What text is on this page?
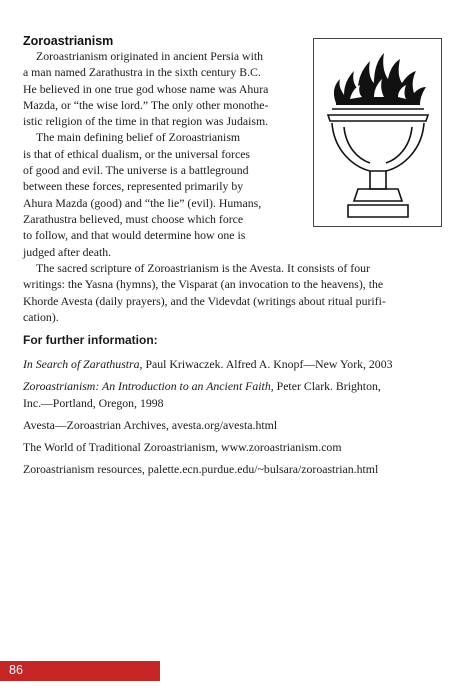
Zoroastrianism
Zoroastrianism originated in ancient Persia with
a man named Zarathustra in the sixth century B.C.
He believed in one true god whose name was Ahura
Mazda, or “the wise lord.” The only other monothe-
istic religion of the time in that region was Judaism.
The main defining belief of Zoroastrianism
is that of ethical dualism, or the universal forces
of good and evil. The universe is a battleground
between these forces, represented primarily by
Ahura Mazda (good) and “the lie” (evil). Humans,
Zarathustra believed, must choose which force
to follow, and that would determine how one is
judged after death.
The sacred scripture of Zoroastrianism is the Avesta. It consists of four
writings: the Yasna (hymns), the Visparat (an invocation to the heavens), the
Khorde Avesta (daily prayers), and the Videvdat (writings about ritual purifi-
cation).
For further information:
In Search of Zarathustra, Paul Kriwaczek. Alfred A. Knopf—New York, 2003
Zoroastrianism: An Introduction to an Ancient Faith, Peter Clark. Brighton,
Inc.—Portland, Oregon, 1998
Avesta—Zoroastrian Archives, avesta.org/avesta.html
The World of Traditional Zoroastrianism, www.zoroastrianism.com
Zoroastrianism resources, palette.ecn.purdue.edu/~bulsara/zoroastrian.html
86
